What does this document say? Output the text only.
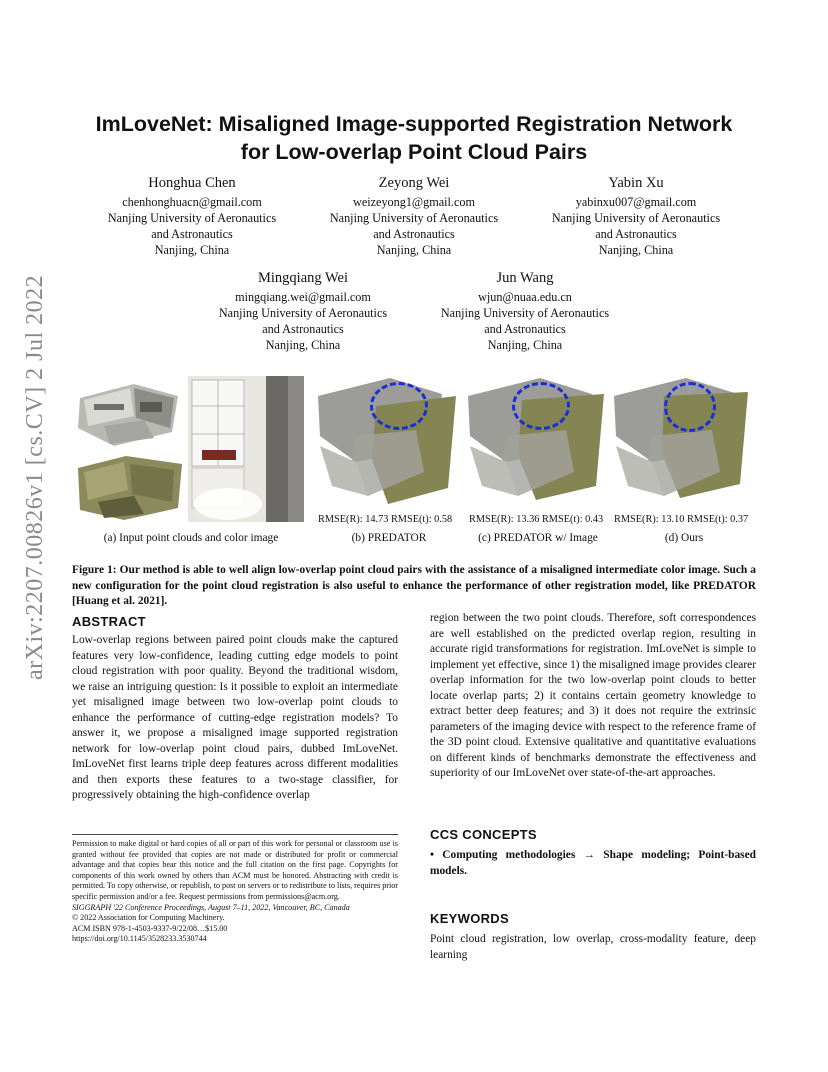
arXiv:2207.00826v1 [cs.CV] 2 Jul 2022
ImLoveNet: Misaligned Image-supported Registration Network
for Low-overlap Point Cloud Pairs
Honghua Chen
chenhonghuacn@gmail.com
Nanjing University of Aeronautics
and Astronautics
Nanjing, China
Zeyong Wei
weizeyong1@gmail.com
Nanjing University of Aeronautics
and Astronautics
Nanjing, China
Yabin Xu
yabinxu007@gmail.com
Nanjing University of Aeronautics
and Astronautics
Nanjing, China
Mingqiang Wei
mingqiang.wei@gmail.com
Nanjing University of Aeronautics
and Astronautics
Nanjing, China
Jun Wang
wjun@nuaa.edu.cn
Nanjing University of Aeronautics
and Astronautics
Nanjing, China
RMSE(R): 14.73 RMSE(t): 0.58 RMSE(R): 13.36 RMSE(t): 0.43 RMSE(R): 13.10 RMSE(t): 0.37
(a) Input point clouds and color image	(b) PREDATOR	(c) PREDATOR w/ Image	(d) Ours
Figure 1: Our method is able to well align low-overlap point cloud pairs with the assistance of a misaligned intermediate color image. Such a new configuration for the point cloud registration is also useful to enhance the performance of other registration model, like PREDATOR [Huang et al. 2021].
ABSTRACT
Low-overlap regions between paired point clouds make the captured features very low-confidence, leading cutting edge models to point cloud registration with poor quality. Beyond the traditional wisdom, we raise an intriguing question: Is it possible to exploit an intermediate yet misaligned image between two low-overlap point clouds to enhance the performance of cutting-edge registration models? To answer it, we propose a misaligned image supported registration network for low-overlap point cloud pairs, dubbed ImLoveNet. ImLoveNet first learns triple deep features across different modalities and then exports these features to a two-stage classifier, for progressively obtaining the high-confidence overlap
region between the two point clouds. Therefore, soft correspondences are well established on the predicted overlap region, resulting in accurate rigid transformations for registration. ImLoveNet is simple to implement yet effective, since 1) the misaligned image provides clearer overlap information for the two low-overlap point clouds to better locate overlap parts; 2) it contains certain geometry knowledge to extract better deep features; and 3) it does not require the extrinsic parameters of the imaging device with respect to the reference frame of the 3D point cloud. Extensive qualitative and quantitative evaluations on different kinds of benchmarks demonstrate the effectiveness and superiority of our ImLoveNet over state-of-the-art approaches.
Permission to make digital or hard copies of all or part of this work for personal or classroom use is granted without fee provided that copies are not made or distributed for profit or commercial advantage and that copies bear this notice and the full citation on the first page. Copyrights for components of this work owned by others than ACM must be honored. Abstracting with credit is permitted. To copy otherwise, or republish, to post on servers or to redistribute to lists, requires prior specific permission and/or a fee. Request permissions from permissions@acm.org.
SIGGRAPH '22 Conference Proceedings, August 7–11, 2022, Vancouver, BC, Canada
© 2022 Association for Computing Machinery.
ACM ISBN 978-1-4503-9337-9/22/08…$15.00
https://doi.org/10.1145/3528233.3530744
CCS CONCEPTS
• Computing methodologies → Shape modeling; Point-based models.
KEYWORDS
Point cloud registration, low overlap, cross-modality feature, deep learning
